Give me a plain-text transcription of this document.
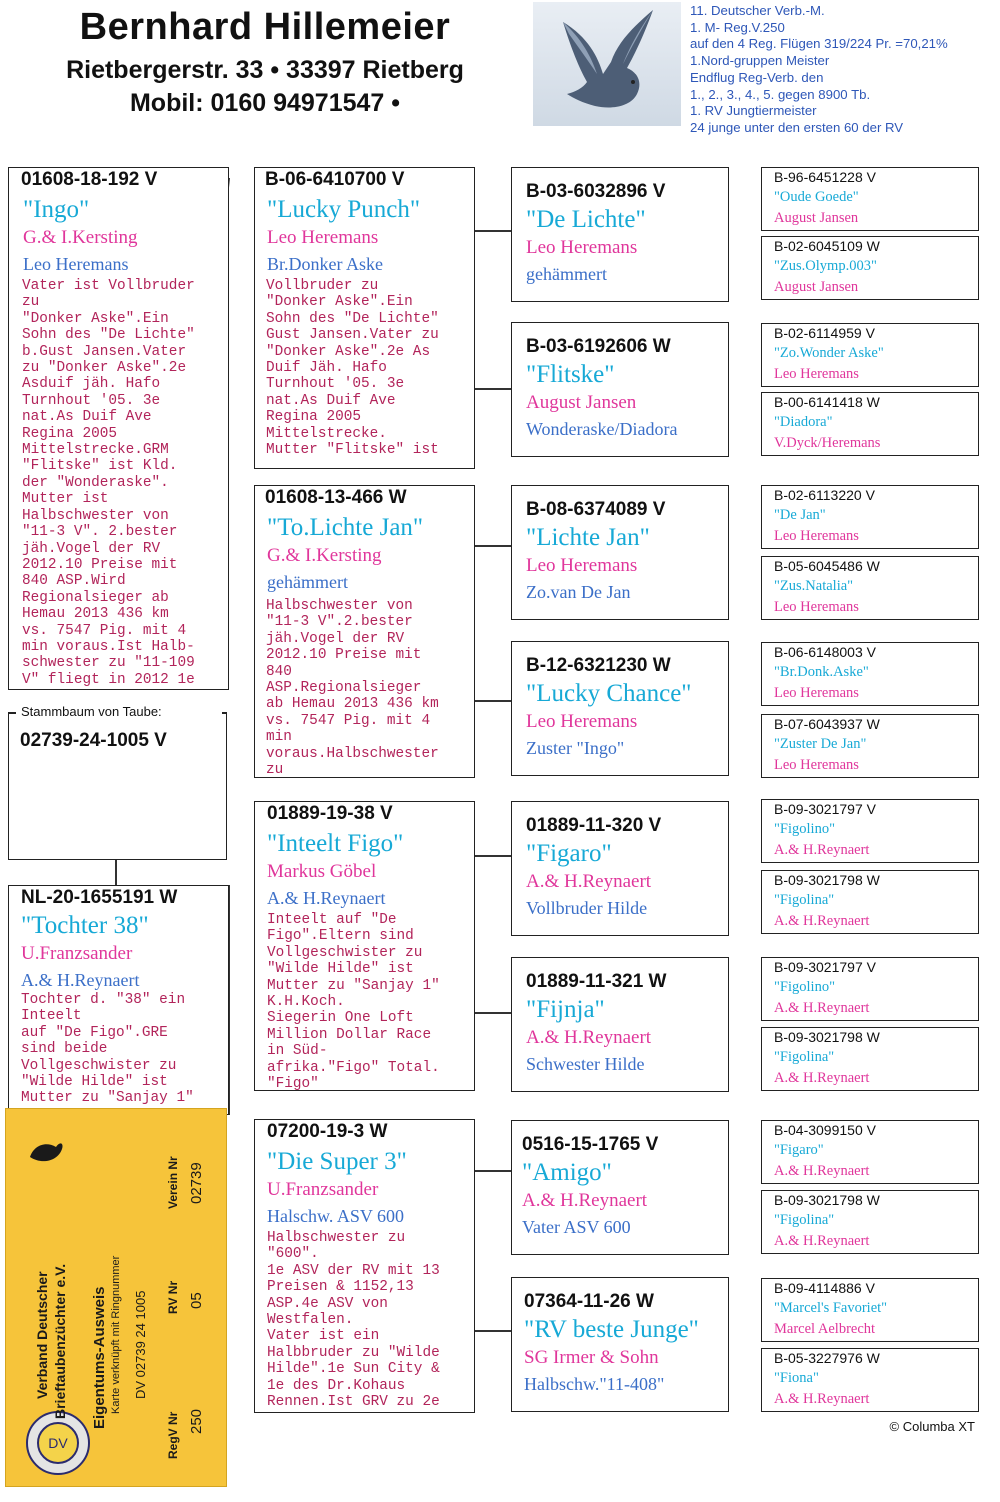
Bernhard Hillemeier
Rietbergerstr. 33 • 33397 Rietberg
Mobil: 0160 94971547 •
11. Deutscher Verb.-M.
1. M- Reg.V.250
auf den 4 Reg. Flügen 319/224 Pr. =70,21%
1.Nord-gruppen Meister
Endflug Reg-Verb. den
1., 2., 3., 4., 5. gegen 8900 Tb.
1. RV Jungtiermeister
24 junge unter den ersten 60 der RV
Stammbaum von Taube:
02739-24-1005 V
01608-18-192 V
"Ingo"
G.& I.Kersting
Leo Heremans
Vater ist Vollbruder
zu
"Donker Aske".Ein
Sohn des "De Lichte"
b.Gust Jansen.Vater
zu "Donker Aske".2e
Asduif jäh. Hafo
Turnhout '05. 3e
nat.As Duif Ave
Regina 2005
Mittelstrecke.GRM
"Flitske" ist Kld.
der "Wonderaske".
Mutter ist
Halbschwester von
"11-3 V". 2.bester
jäh.Vogel der RV
2012.10 Preise mit
840 ASP.Wird
Regionalsieger ab
Hemau 2013 436 km
vs. 7547 Pig. mit 4
min voraus.Ist Halb-
schwester zu "11-109
V" fliegt in 2012 1e
NL-20-1655191 W
"Tochter 38"
U.Franzsander
A.& H.Reynaert
Tochter d. "38" ein
Inteelt
auf "De Figo".GRE
sind beide
Vollgeschwister zu
"Wilde Hilde" ist
Mutter zu "Sanjay 1"
B-06-6410700 V
"Lucky Punch"
Leo Heremans
Br.Donker Aske
Vollbruder zu
"Donker Aske".Ein
Sohn des "De Lichte"
Gust Jansen.Vater zu
"Donker Aske".2e As
Duif Jäh. Hafo
Turnhout '05. 3e
nat.As Duif Ave
Regina 2005
Mittelstrecke.
Mutter "Flitske" ist
01608-13-466 W
"To.Lichte Jan"
G.& I.Kersting
gehämmert
Halbschwester von
"11-3 V".2.bester
jäh.Vogel der RV
2012.10 Preise mit
840
ASP.Regionalsieger
ab Hemau 2013 436 km
vs. 7547 Pig. mit 4
min
voraus.Halbschwester
zu
01889-19-38 V
"Inteelt Figo"
Markus Göbel
A.& H.Reynaert
Inteelt auf "De
Figo".Eltern sind
Vollgeschwister zu
"Wilde Hilde" ist
Mutter zu "Sanjay 1"
K.H.Koch.
Siegerin One Loft
Million Dollar Race
in Süd-
afrika."Figo" Total.
"Figo"
07200-19-3 W
"Die Super 3"
U.Franzsander
Halschw. ASV 600
Halbschwester zu
"600".
1e ASV der RV mit 13
Preisen & 1152,13
ASP.4e ASV von
Westfalen.
Vater ist ein
Halbbruder zu "Wilde
Hilde".1e Sun City &
1e des Dr.Kohaus
Rennen.Ist GRV zu 2e
B-03-6032896 V
"De Lichte"
Leo Heremans
gehämmert
B-03-6192606 W
"Flitske"
August Jansen
Wonderaske/Diadora
B-08-6374089 V
"Lichte Jan"
Leo Heremans
Zo.van De Jan
B-12-6321230 W
"Lucky Chance"
Leo Heremans
Zuster "Ingo"
01889-11-320 V
"Figaro"
A.& H.Reynaert
Vollbruder Hilde
01889-11-321 W
"Fijnja"
A.& H.Reynaert
Schwester Hilde
0516-15-1765 V
"Amigo"
A.& H.Reynaert
Vater ASV 600
07364-11-26 W
"RV beste Junge"
SG Irmer & Sohn
Halbschw."11-408"
B-96-6451228 V
"Oude Goede"
August Jansen
B-02-6045109 W
"Zus.Olymp.003"
August Jansen
B-02-6114959 V
"Zo.Wonder Aske"
Leo Heremans
B-00-6141418 W
"Diadora"
V.Dyck/Heremans
B-02-6113220 V
"De Jan"
Leo Heremans
B-05-6045486 W
"Zus.Natalia"
Leo Heremans
B-06-6148003 V
"Br.Donk.Aske"
Leo Heremans
B-07-6043937 W
"Zuster De Jan"
Leo Heremans
B-09-3021797 V
"Figolino"
A.& H.Reynaert
B-09-3021798 W
"Figolina"
A.& H.Reynaert
B-09-3021797 V
"Figolino"
A.& H.Reynaert
B-09-3021798 W
"Figolina"
A.& H.Reynaert
B-04-3099150 V
"Figaro"
A.& H.Reynaert
B-09-3021798 W
"Figolina"
A.& H.Reynaert
B-09-4114886 V
"Marcel's Favoriet"
Marcel Aelbrecht
B-05-3227976 W
"Fiona"
A.& H.Reynaert
DV
Verband Deutscher Brieftaubenzüchter e.V. Eigentums-Ausweis Karte verknüpft mit Ringnummer DV 02739 24 1005
RegV Nr
RV Nr
Verein Nr
250
05
02739
© Columba XT
